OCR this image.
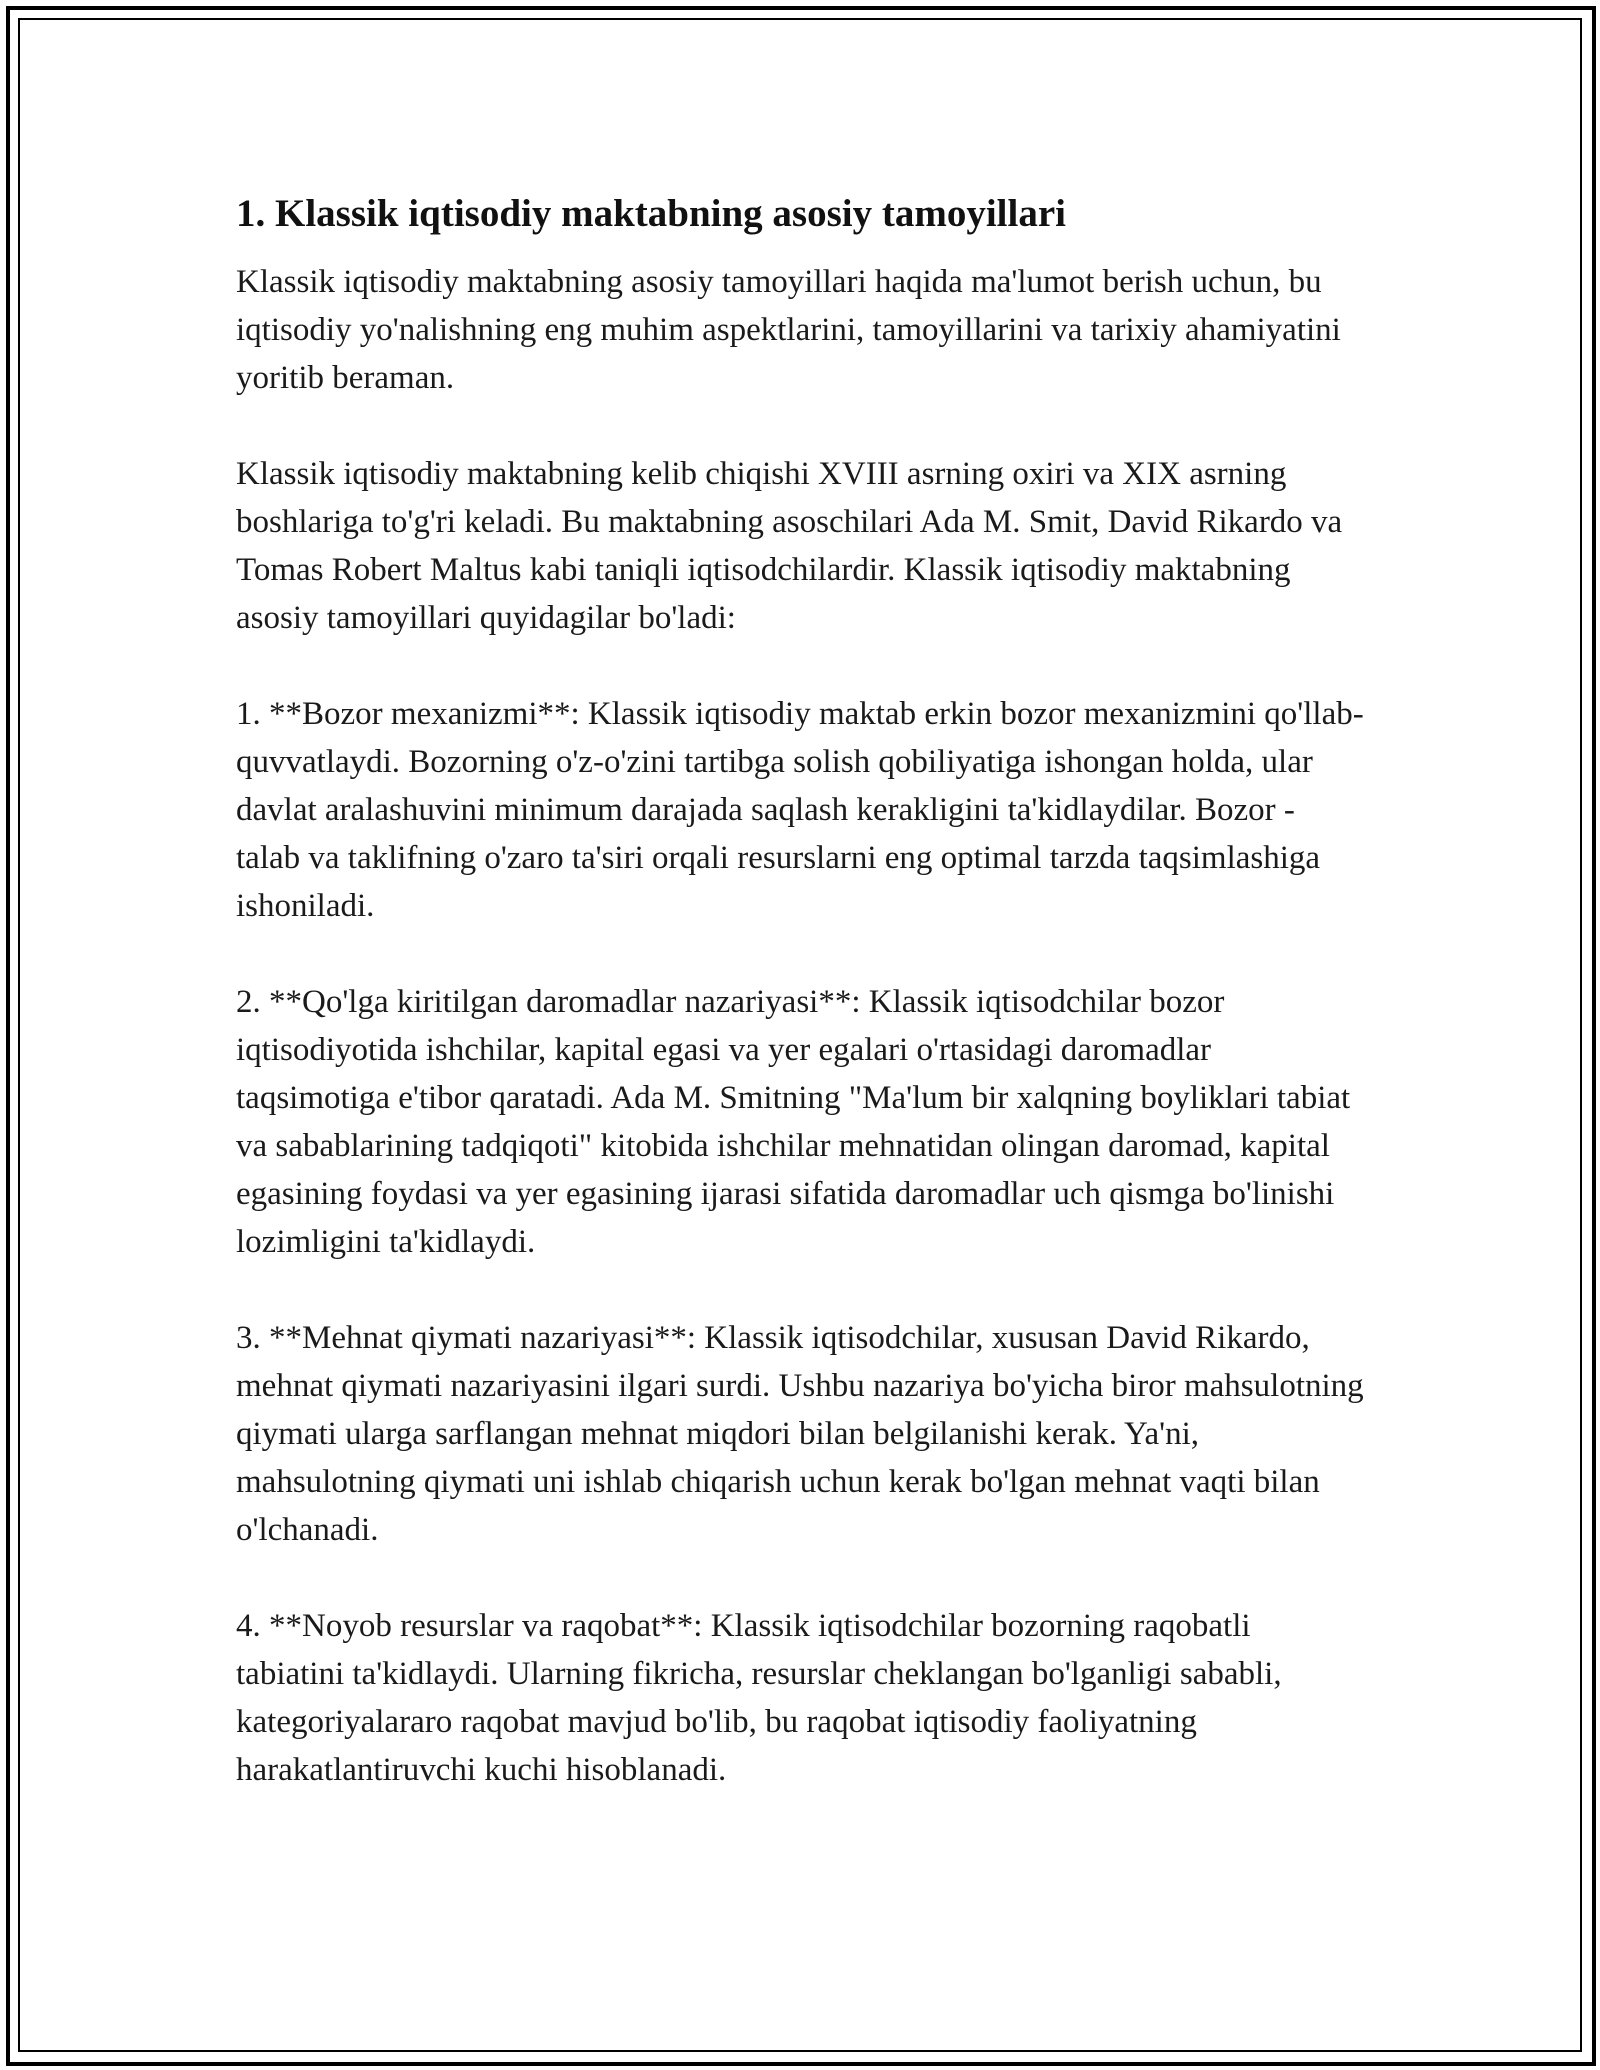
1. Klassik iqtisodiy maktabning asosiy tamoyillari

Klassik iqtisodiy maktabning asosiy tamoyillari haqida ma'lumot berish uchun, bu iqtisodiy yo'nalishning eng muhim aspektlarini, tamoyillarini va tarixiy ahamiyatini yoritib beraman.

Klassik iqtisodiy maktabning kelib chiqishi XVIII asrning oxiri va XIX asrning boshlariga to'g'ri keladi. Bu maktabning asoschilari Ada M. Smit, David Rikardo va Tomas Robert Maltus kabi taniqli iqtisodchilardir. Klassik iqtisodiy maktabning asosiy tamoyillari quyidagilar bo'ladi:

1. **Bozor mexanizmi**: Klassik iqtisodiy maktab erkin bozor mexanizmini qo'llab-quvvatlaydi. Bozorning o'z-o'zini tartibga solish qobiliyatiga ishongan holda, ular davlat aralashuvini minimum darajada saqlash kerakligini ta'kidlaydilar. Bozor - talab va taklifning o'zaro ta'siri orqali resurslarni eng optimal tarzda taqsimlashiga ishoniladi.

2. **Qo'lga kiritilgan daromadlar nazariyasi**: Klassik iqtisodchilar bozor iqtisodiyotida ishchilar, kapital egasi va yer egalari o'rtasidagi daromadlar taqsimotiga e'tibor qaratadi. Ada M. Smitning "Ma'lum bir xalqning boyliklari tabiat va sabablarining tadqiqoti" kitobida ishchilar mehnatidan olingan daromad, kapital egasining foydasi va yer egasining ijarasi sifatida daromadlar uch qismga bo'linishi lozimligini ta'kidlaydi.

3. **Mehnat qiymati nazariyasi**: Klassik iqtisodchilar, xususan David Rikardo, mehnat qiymati nazariyasini ilgari surdi. Ushbu nazariya bo'yicha biror mahsulotning qiymati ularga sarflangan mehnat miqdori bilan belgilanishi kerak. Ya'ni, mahsulotning qiymati uni ishlab chiqarish uchun kerak bo'lgan mehnat vaqti bilan o'lchanadi.

4. **Noyob resurslar va raqobat**: Klassik iqtisodchilar bozorning raqobatli tabiatini ta'kidlaydi. Ularning fikricha, resurslar cheklangan bo'lganligi sababli, kategoriyalararo raqobat mavjud bo'lib, bu raqobat iqtisodiy faoliyatning harakatlantiruvchi kuchi hisoblanadi.
